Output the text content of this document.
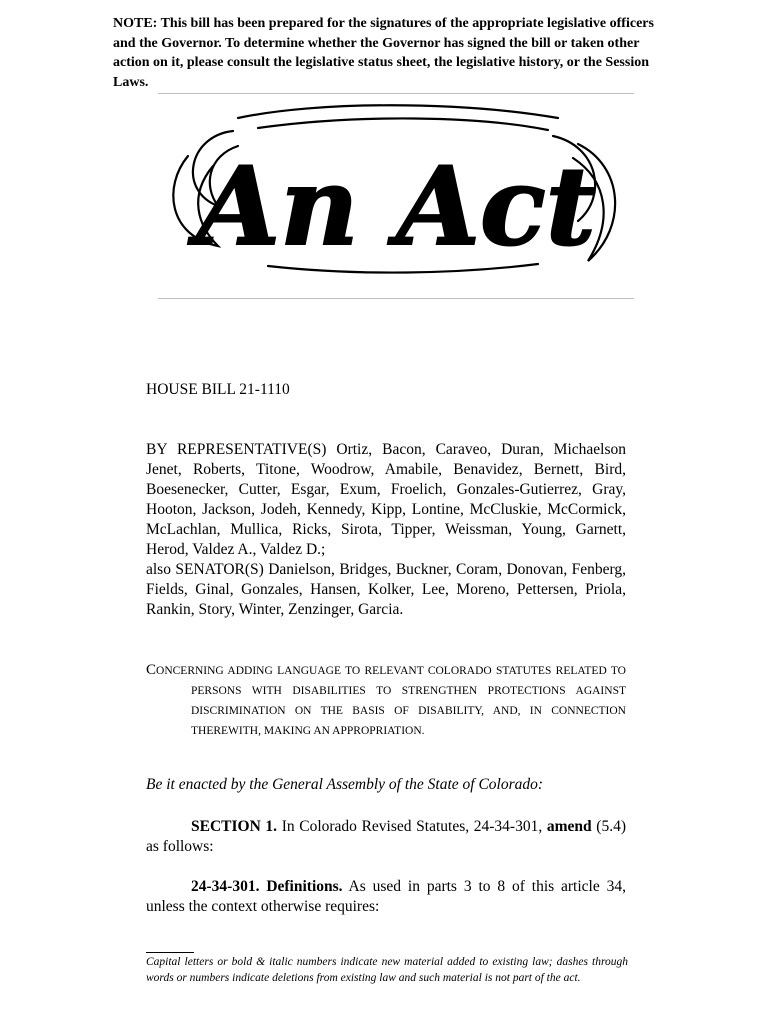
NOTE: This bill has been prepared for the signatures of the appropriate legislative officers and the Governor. To determine whether the Governor has signed the bill or taken other action on it, please consult the legislative status sheet, the legislative history, or the Session Laws.
An Act
HOUSE BILL 21-1110

BY REPRESENTATIVE(S) Ortiz, Bacon, Caraveo, Duran, Michaelson Jenet, Roberts, Titone, Woodrow, Amabile, Benavidez, Bernett, Bird, Boesenecker, Cutter, Esgar, Exum, Froelich, Gonzales-Gutierrez, Gray, Hooton, Jackson, Jodeh, Kennedy, Kipp, Lontine, McCluskie, McCormick, McLachlan, Mullica, Ricks, Sirota, Tipper, Weissman, Young, Garnett, Herod, Valdez A., Valdez D.;

also SENATOR(S) Danielson, Bridges, Buckner, Coram, Donovan, Fenberg, Fields, Ginal, Gonzales, Hansen, Kolker, Lee, Moreno, Pettersen, Priola, Rankin, Story, Winter, Zenzinger, Garcia.

CONCERNING ADDING LANGUAGE TO RELEVANT COLORADO STATUTES RELATED TO PERSONS WITH DISABILITIES TO STRENGTHEN PROTECTIONS AGAINST DISCRIMINATION ON THE BASIS OF DISABILITY, AND, IN CONNECTION THEREWITH, MAKING AN APPROPRIATION.
Be it enacted by the General Assembly of the State of Colorado:
SECTION 1. In Colorado Revised Statutes, 24-34-301, amend (5.4) as follows:
24-34-301. Definitions. As used in parts 3 to 8 of this article 34, unless the context otherwise requires:
Capital letters or bold & italic numbers indicate new material added to existing law; dashes through words or numbers indicate deletions from existing law and such material is not part of the act.
